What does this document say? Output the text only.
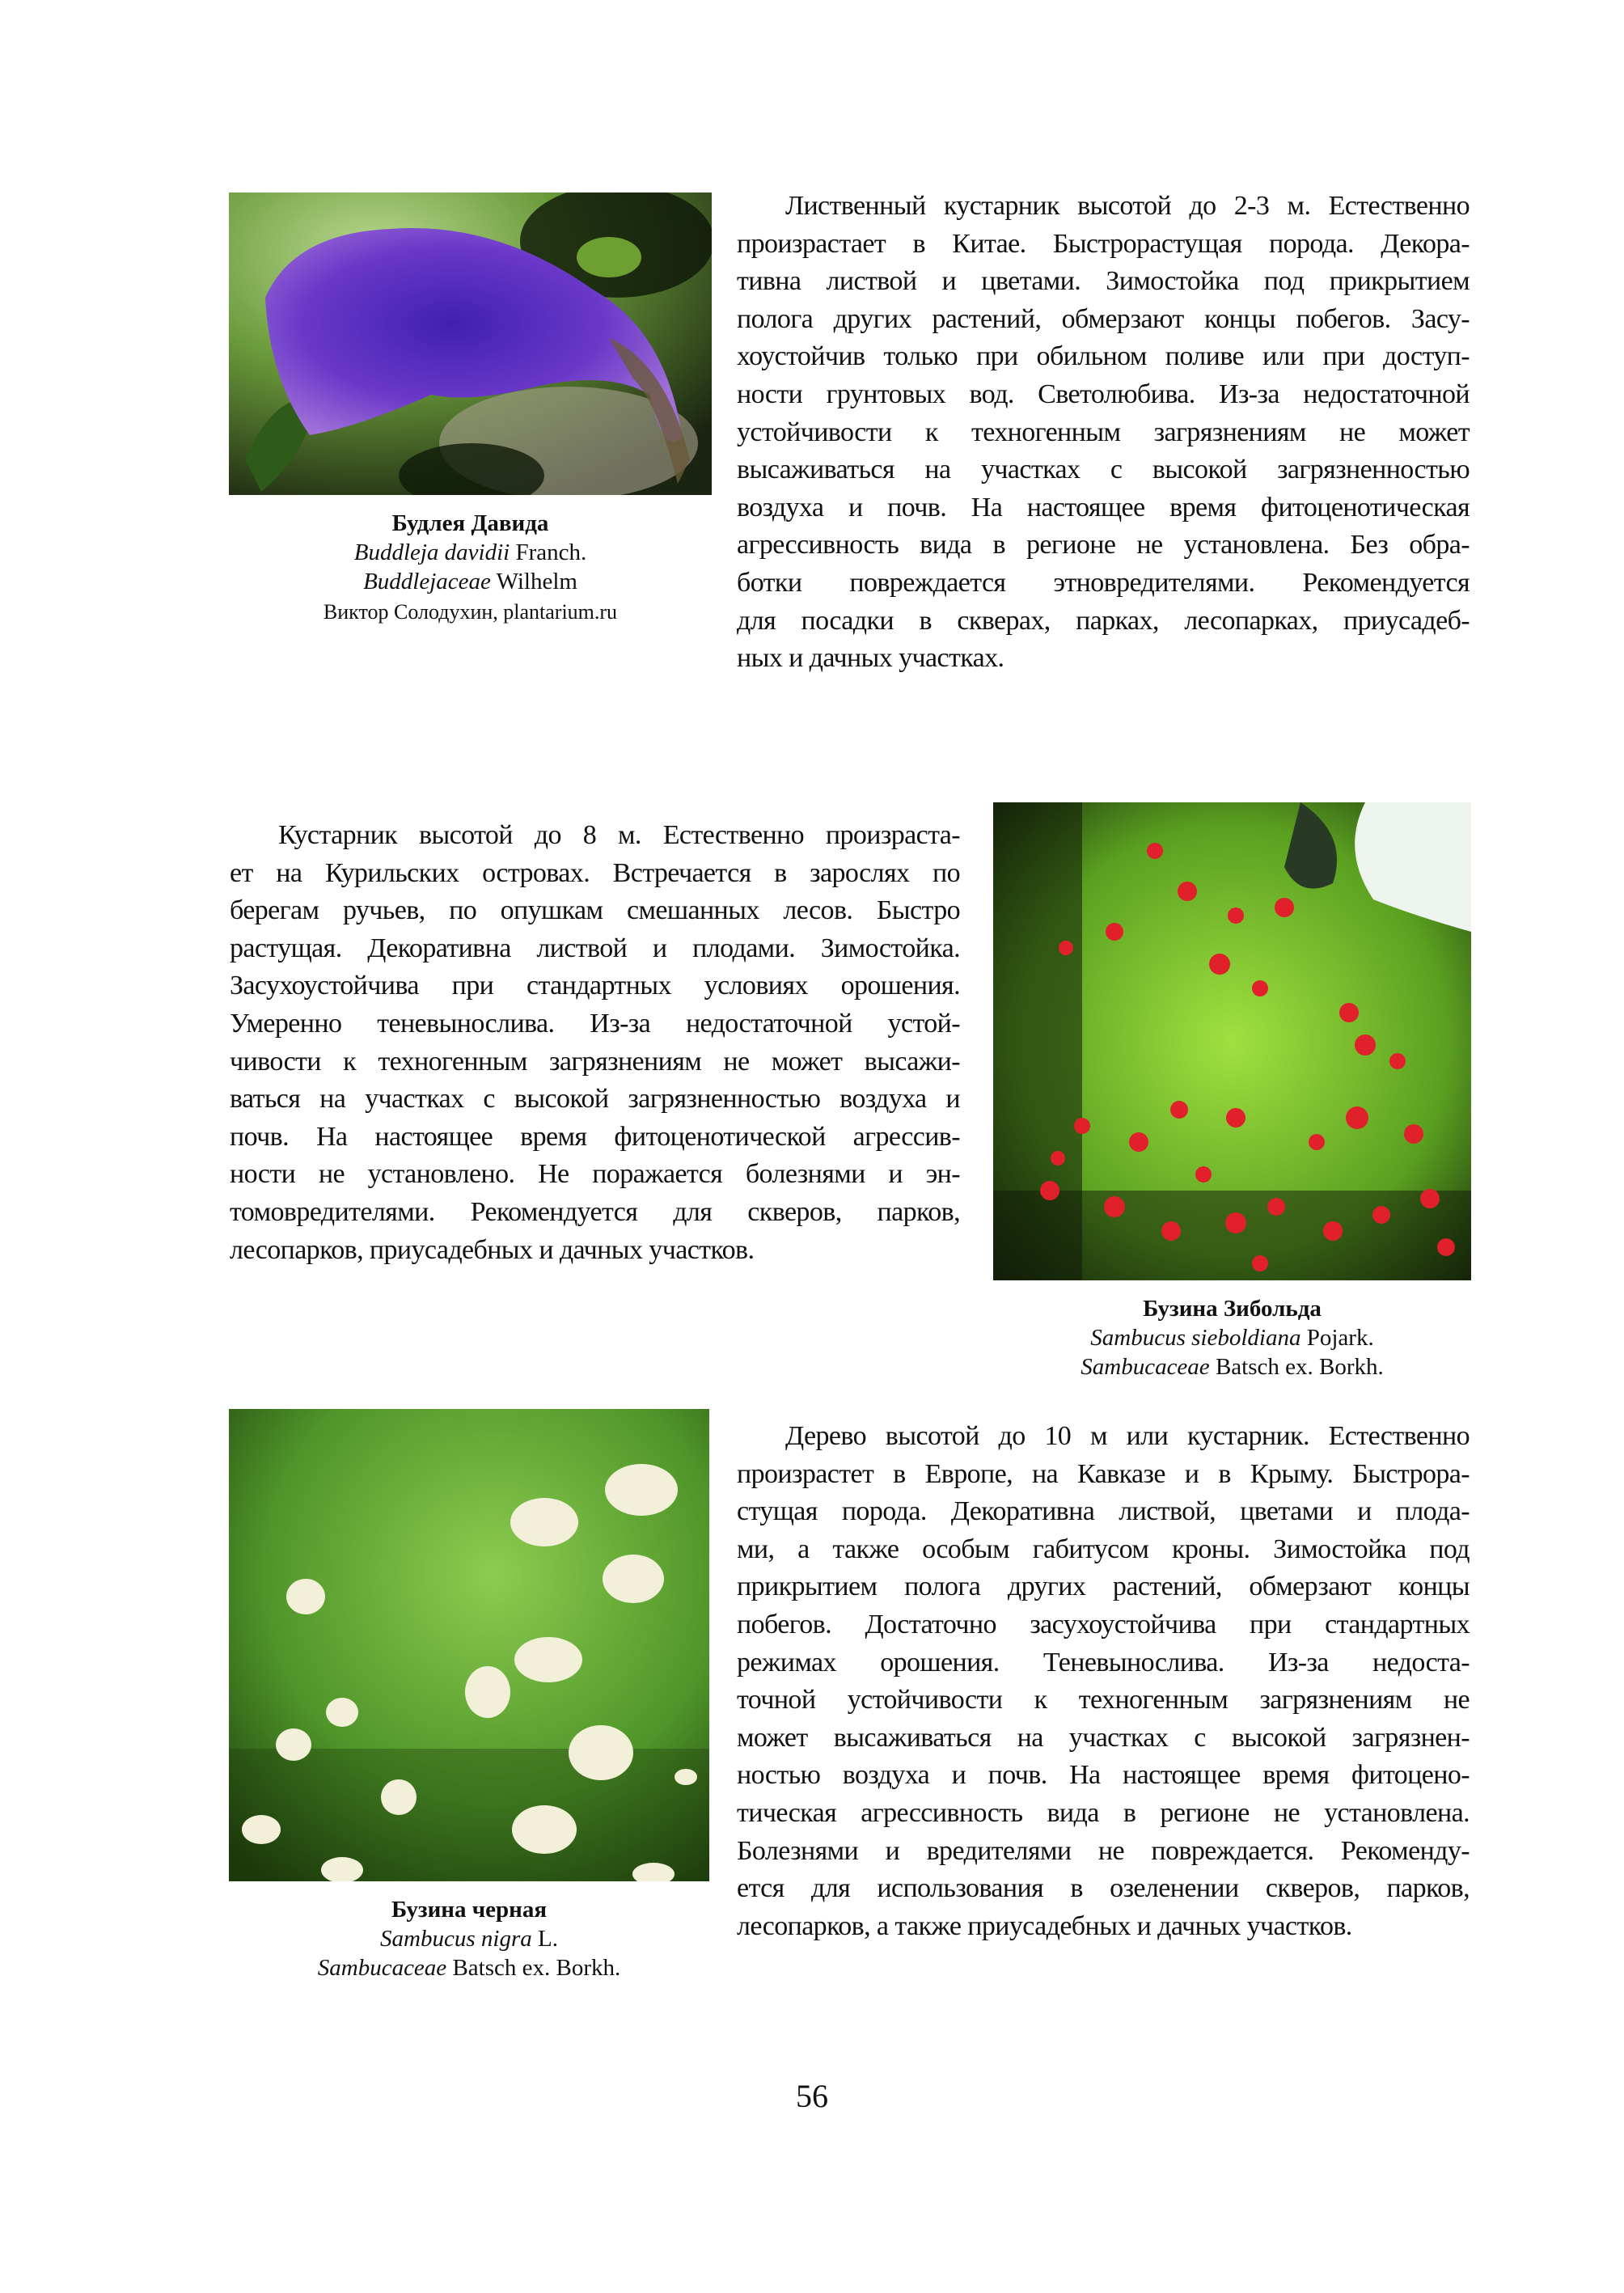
Будлея Давида
Buddleja davidii Franch.
Buddlejaceae Wilhelm
Виктор Солодухин, plantarium.ru
Лиственный кустарник высотой до 2-3 м. Естественно
произрастает в Китае. Быстрорастущая порода. Декора-
тивна листвой и цветами. Зимостойка под прикрытием
полога других растений, обмерзают концы побегов. Засу-
хоустойчив только при обильном поливе или при доступ-
ности грунтовых вод. Светолюбива. Из-за недостаточной
устойчивости к техногенным загрязнениям не может
высаживаться на участках с высокой загрязненностью
воздуха и почв. На настоящее время фитоценотическая
агрессивность вида в регионе не установлена. Без обра-
ботки повреждается этновредителями. Рекомендуется
для посадки в скверах, парках, лесопарках, приусадеб-
ных и дачных участках.
Кустарник высотой до 8 м. Естественно произраста-
ет на Курильских островах. Встречается в зарослях по
берегам ручьев, по опушкам смешанных лесов. Быстро
растущая. Декоративна листвой и плодами. Зимостойка.
Засухоустойчива при стандартных условиях орошения.
Умеренно теневынослива. Из-за недостаточной устой-
чивости к техногенным загрязнениям не может высажи-
ваться на участках с высокой загрязненностью воздуха и
почв. На настоящее время фитоценотической агрессив-
ности не установлено. Не поражается болезнями и эн-
томовредителями. Рекомендуется для скверов, парков,
лесопарков, приусадебных и дачных участков.
Бузина Зибольда
Sambucus sieboldiana Pojark.
Sambucaceae Batsch ex. Borkh.
Бузина черная
Sambucus nigra L.
Sambucaceae Batsch ex. Borkh.
Дерево высотой до 10 м или кустарник. Естественно
произрастет в Европе, на Кавказе и в Крыму. Быстрора-
стущая порода. Декоративна листвой, цветами и плода-
ми, а также особым габитусом кроны. Зимостойка под
прикрытием полога других растений, обмерзают концы
побегов. Достаточно засухоустойчива при стандартных
режимах орошения. Теневынослива. Из-за недоста-
точной устойчивости к техногенным загрязнениям не
может высаживаться на участках с высокой загрязнен-
ностью воздуха и почв. На настоящее время фитоцено-
тическая агрессивность вида в регионе не установлена.
Болезнями и вредителями не повреждается. Рекоменду-
ется для использования в озеленении скверов, парков,
лесопарков, а также приусадебных и дачных участков.
56
